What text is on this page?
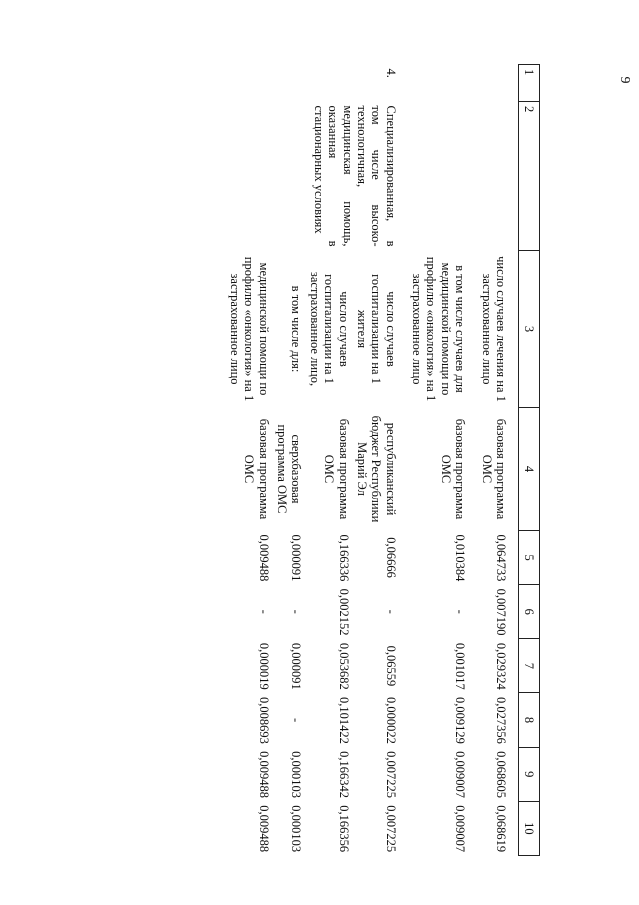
9
1	2	3	4	5	6	7	8	9	10
		число случаев лечения на 1 застрахованное лицо	базовая программа ОМС	0,064733	0,007190	0,029324	0,027356	0,068605	0,068619
		в том числе случаев для медицинской помощи по профилю «онкология» на 1 застрахованное лицо	базовая программа ОМС	0,010384	-	0,001017	0,009129	0,009007	0,009007
4.	Специализированная, в том числе высоко-технологичная, медицинская помощь, оказанная в стационарных условиях	число случаев госпитализации на 1 жителя	республиканский бюджет Республики Марий Эл	0,06666	-	0,06559	0,000022	0,007225	0,007225
		число случаев госпитализации на 1 застрахованное лицо,	базовая программа ОМС	0,166336	0,002152	0,053682	0,101422	0,166342	0,166356
		в том числе для:	сверхбазовая программа ОМС	0,000091	-	0,000091	-	0,000103	0,000103
		медицинской помощи по профилю «онкология» на 1 застрахованное лицо	базовая программа ОМС	0,009488	-	0,000019	0,008693	0,009488	0,009488
